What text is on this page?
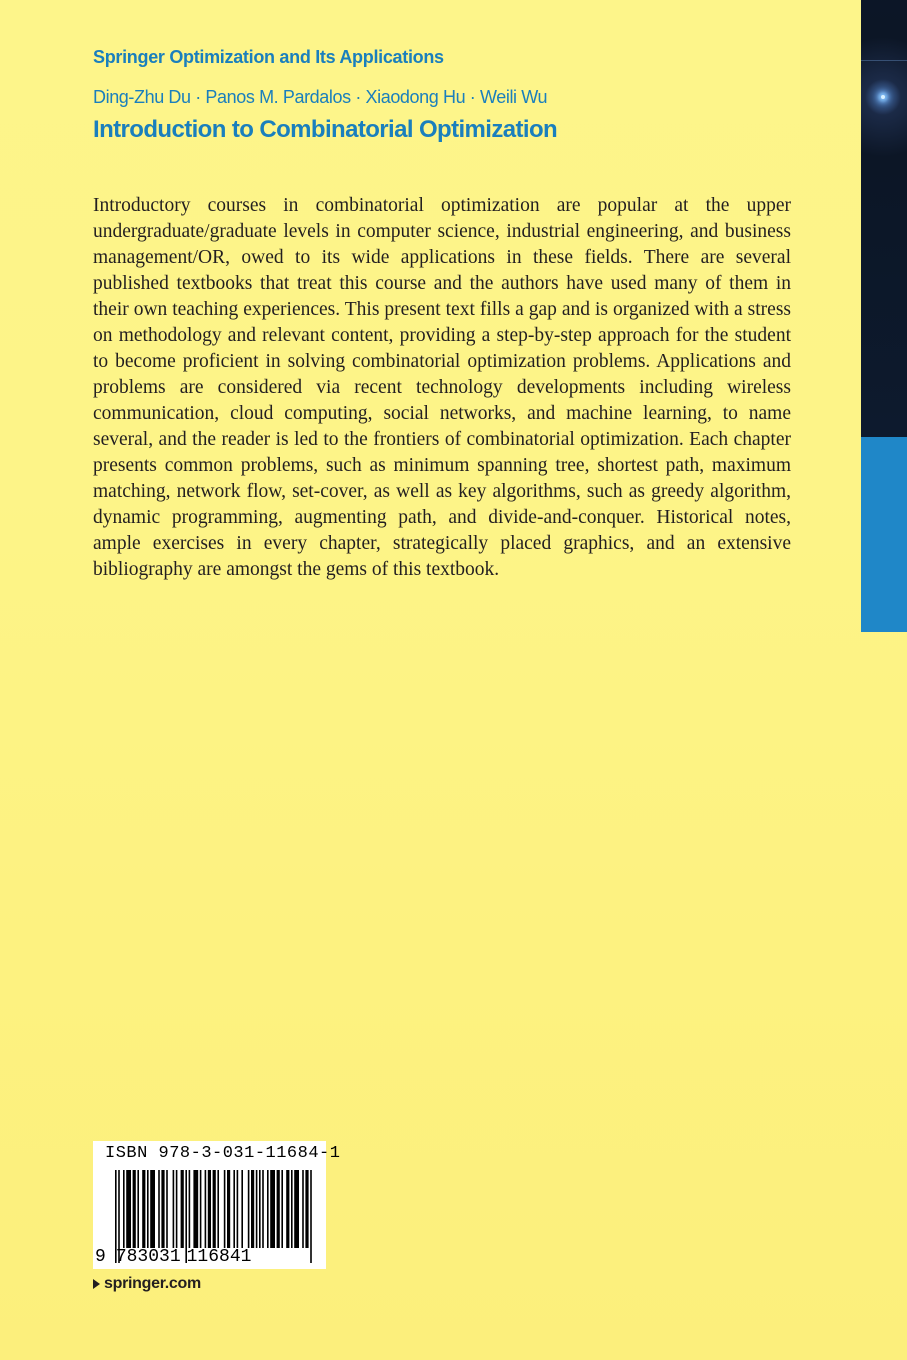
Springer Optimization and Its Applications
Ding-Zhu Du · Panos M. Pardalos · Xiaodong Hu · Weili Wu
Introduction to Combinatorial Optimization

Introductory courses in combinatorial optimization are popular at the upper undergraduate/graduate levels in computer science, industrial engineering, and business management/OR, owed to its wide applications in these fields. There are several published textbooks that treat this course and the authors have used many of them in their own teaching experiences. This present text fills a gap and is organized with a stress on methodology and relevant content, providing a step-by-step approach for the student to become proficient in solving combinatorial optimization problems. Applications and problems are considered via recent technology developments including wireless communication, cloud computing, social networks, and machine learning, to name several, and the reader is led to the frontiers of combinatorial optimization. Each chapter presents common problems, such as minimum spanning tree, shortest path, maximum matching, network flow, set-cover, as well as key algorithms, such as greedy algorithm, dynamic programming, augmenting path, and divide-and-conquer. Historical notes, ample exercises in every chapter, strategically placed graphics, and an extensive bibliography are amongst the gems of this textbook.

ISBN 978-3-031-11684-1
9 783031 116841
springer.com
